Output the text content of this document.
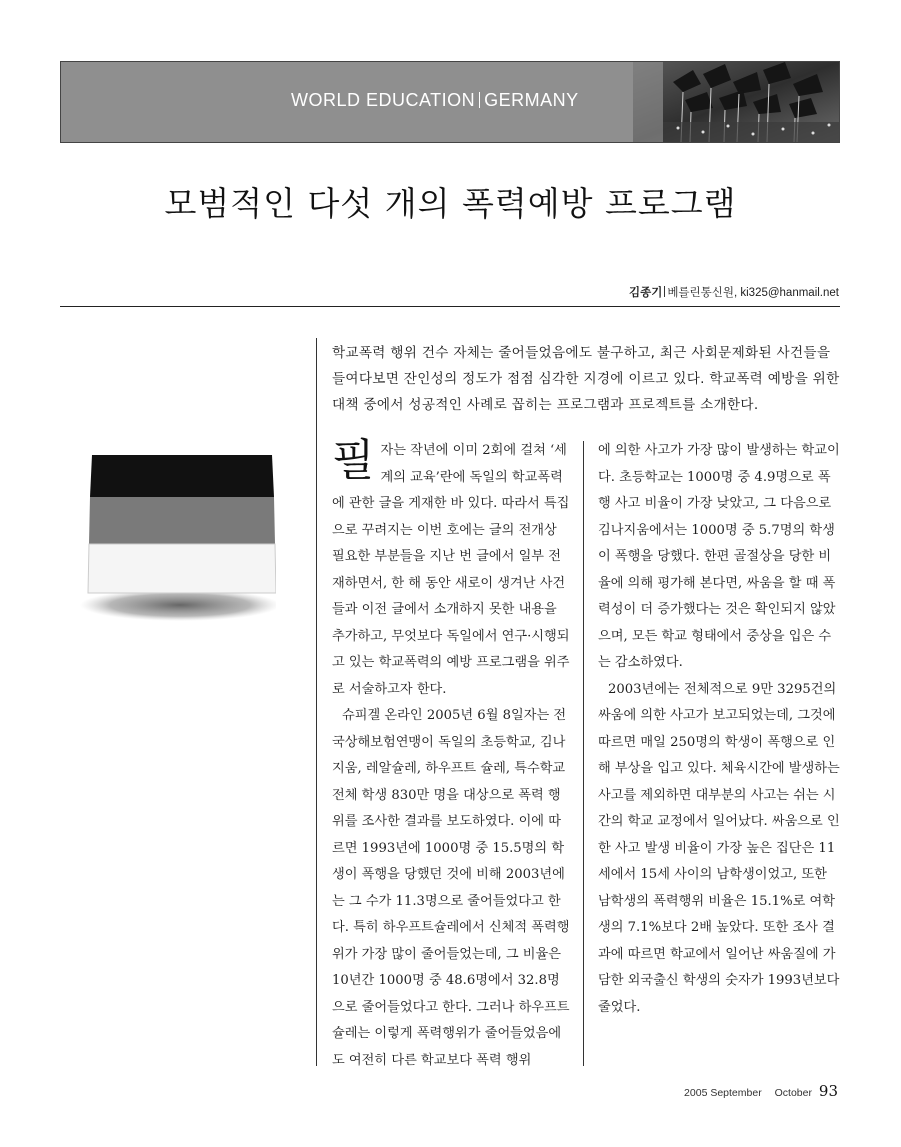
WORLD EDUCATION GERMANY
모범적인 다섯 개의 폭력예방 프로그램
김종기 베를린통신원, ki325@hanmail.net
학교폭력 행위 건수 자체는 줄어들었음에도 불구하고, 최근 사회문제화된 사건들을 들여다보면 잔인성의 정도가 점점 심각한 지경에 이르고 있다. 학교폭력 예방을 위한 대책 중에서 성공적인 사례로 꼽히는 프로그램과 프로젝트를 소개한다.

필자는 작년에 이미 2회에 걸쳐 ‘세계의 교육’란에 독일의 학교폭력에 관한 글을 게재한 바 있다. 따라서 특집으로 꾸려지는 이번 호에는 글의 전개상 필요한 부분들을 지난 번 글에서 일부 전재하면서, 한 해 동안 새로이 생겨난 사건들과 이전 글에서 소개하지 못한 내용을 추가하고, 무엇보다 독일에서 연구·시행되고 있는 학교폭력의 예방 프로그램을 위주로 서술하고자 한다.

슈피겔 온라인 2005년 6월 8일자는 전국상해보험연맹이 독일의 초등학교, 김나지움, 레알슐레, 하우프트 슐레, 특수학교 전체 학생 830만 명을 대상으로 폭력 행위를 조사한 결과를 보도하였다. 이에 따르면 1993년에 1000명 중 15.5명의 학생이 폭행을 당했던 것에 비해 2003년에는 그 수가 11.3명으로 줄어들었다고 한다. 특히 하우프트슐레에서 신체적 폭력행위가 가장 많이 줄어들었는데, 그 비율은 10년간 1000명 중 48.6명에서 32.8명으로 줄어들었다고 한다. 그러나 하우프트슐레는 이렇게 폭력행위가 줄어들었음에도 여전히 다른 학교보다 폭력 행위

에 의한 사고가 가장 많이 발생하는 학교이다. 초등학교는 1000명 중 4.9명으로 폭행 사고 비율이 가장 낮았고, 그 다음으로 김나지움에서는 1000명 중 5.7명의 학생이 폭행을 당했다. 한편 골절상을 당한 비율에 의해 평가해 본다면, 싸움을 할 때 폭력성이 더 증가했다는 것은 확인되지 않았으며, 모든 학교 형태에서 중상을 입은 수는 감소하였다.

2003년에는 전체적으로 9만 3295건의 싸움에 의한 사고가 보고되었는데, 그것에 따르면 매일 250명의 학생이 폭행으로 인해 부상을 입고 있다. 체육시간에 발생하는 사고를 제외하면 대부분의 사고는 쉬는 시간의 학교 교정에서 일어났다. 싸움으로 인한 사고 발생 비율이 가장 높은 집단은 11세에서 15세 사이의 남학생이었고, 또한 남학생의 폭력행위 비율은 15.1%로 여학생의 7.1%보다 2배 높았다. 또한 조사 결과에 따르면 학교에서 일어난 싸움질에 가담한 외국출신 학생의 숫자가 1993년보다 줄었다.

2005 September October 93
